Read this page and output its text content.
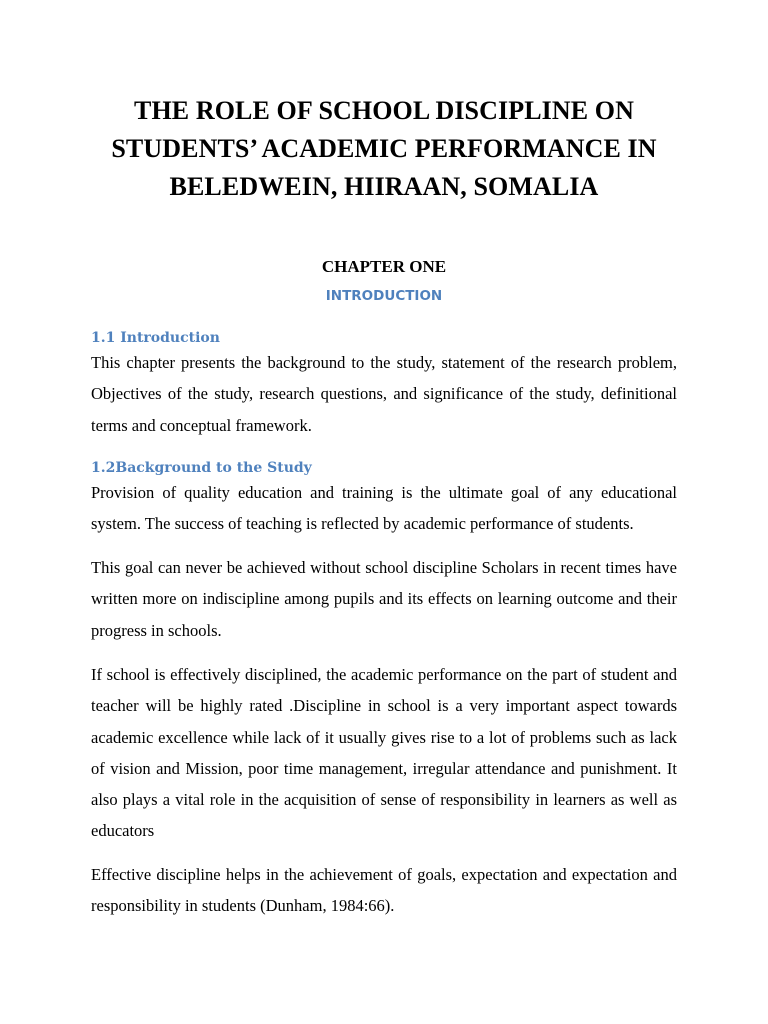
THE ROLE OF SCHOOL DISCIPLINE ON STUDENTS’ ACADEMIC PERFORMANCE IN BELEDWEIN, HIIRAAN, SOMALIA
CHAPTER ONE
INTRODUCTION
1.1 Introduction

This chapter presents the background to the study, statement of the research problem, Objectives of the study, research questions, and significance of the study, definitional terms and conceptual framework.

1.2Background to the Study

Provision of quality education and training is the ultimate goal of any educational system. The success of teaching is reflected by academic performance of students.

This goal can never be achieved without school discipline Scholars in recent times have written more on indiscipline among pupils and its effects on learning outcome and their progress in schools.

If school is effectively disciplined, the academic performance on the part of student and teacher will be highly rated .Discipline in school is a very important aspect towards academic excellence while lack of it usually gives rise to a lot of problems such as lack of vision and Mission, poor time management, irregular attendance and punishment. It also plays a vital role in the acquisition of sense of responsibility in learners as well as educators

Effective discipline helps in the achievement of goals, expectation and expectation and responsibility in students (Dunham, 1984:66).
